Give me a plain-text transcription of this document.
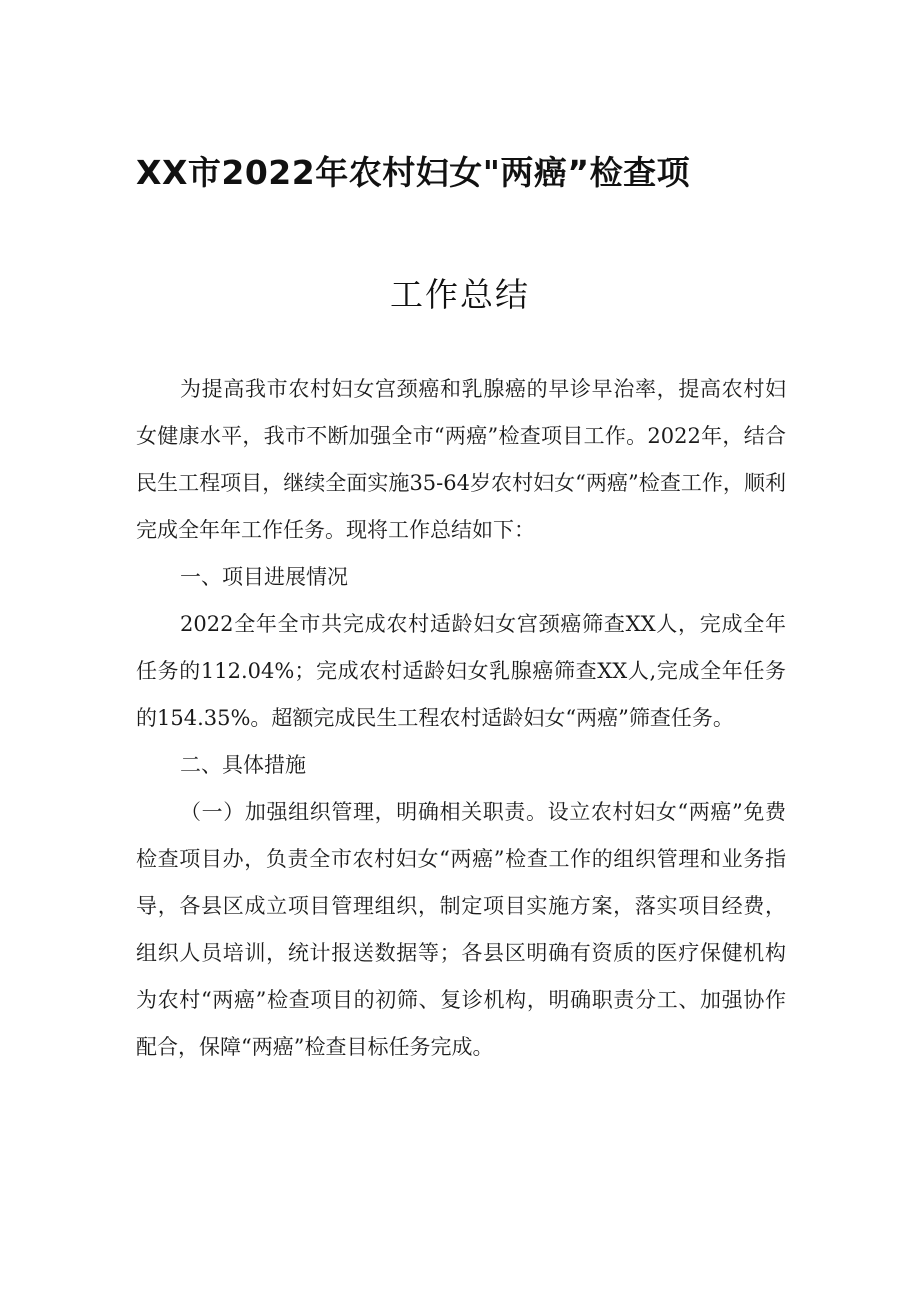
XX市2022年农村妇女"两癌”检查项
工作总结

为提高我市农村妇女宫颈癌和乳腺癌的早诊早治率，提高农村妇女健康水平，我市不断加强全市“两癌”检查项目工作。2022年，结合民生工程项目，继续全面实施35-64岁农村妇女“两癌”检查工作，顺利完成全年年工作任务。现将工作总结如下：

一、项目进展情况

2022全年全市共完成农村适龄妇女宫颈癌筛查XX人，完成全年任务的112.04%；完成农村适龄妇女乳腺癌筛查XX人,完成全年任务的154.35%。超额完成民生工程农村适龄妇女“两癌”筛查任务。

二、具体措施

（一）加强组织管理，明确相关职责。设立农村妇女“两癌”免费检查项目办，负责全市农村妇女“两癌”检查工作的组织管理和业务指导，各县区成立项目管理组织，制定项目实施方案，落实项目经费，组织人员培训，统计报送数据等；各县区明确有资质的医疗保健机构为农村“两癌”检查项目的初筛、复诊机构，明确职责分工、加强协作配合，保障“两癌”检查目标任务完成。
